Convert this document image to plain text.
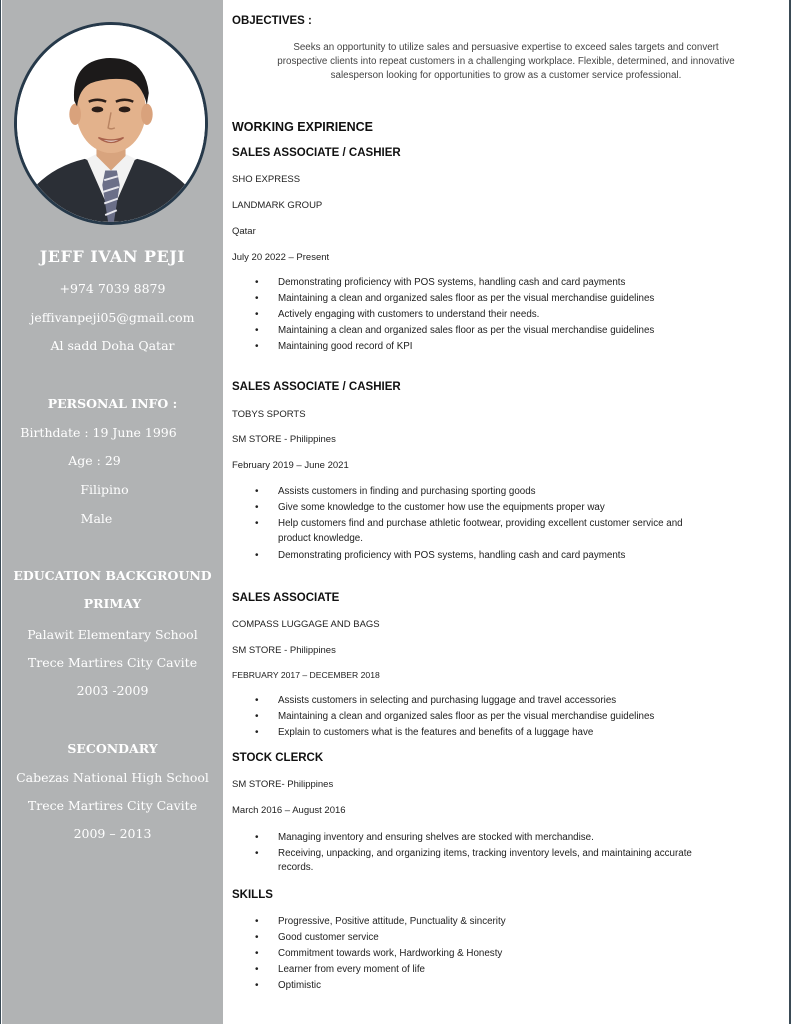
JEFF IVAN PEJI
+974 7039 8879
jeffivanpeji05@gmail.com
Al sadd Doha Qatar
PERSONAL INFO :
Birthdate : 19 June 1996
Age : 29
Filipino
Male
EDUCATION BACKGROUND
PRIMAY
Palawit Elementary School
Trece Martires City Cavite
2003 -2009
SECONDARY
Cabezas National High School
Trece Martires City Cavite
2009 – 2013
OBJECTIVES :
Seeks an opportunity to utilize sales and persuasive expertise to exceed sales targets and convert
prospective clients into repeat customers in a challenging workplace. Flexible, determined, and innovative
salesperson looking for opportunities to grow as a customer service professional.
WORKING EXPIRIENCE
SALES ASSOCIATE / CASHIER
SHO EXPRESS
LANDMARK GROUP
Qatar
July 20 2022 – Present
• Demonstrating proficiency with POS systems, handling cash and card payments
• Maintaining a clean and organized sales floor as per the visual merchandise guidelines
• Actively engaging with customers to understand their needs.
• Maintaining a clean and organized sales floor as per the visual merchandise guidelines
• Maintaining good record of KPI
SALES ASSOCIATE / CASHIER
TOBYS SPORTS
SM STORE - Philippines
February 2019 – June 2021
• Assists customers in finding and purchasing sporting goods
• Give some knowledge to the customer how use the equipments proper way
• Help customers find and purchase athletic footwear, providing excellent customer service and
product knowledge.
• Demonstrating proficiency with POS systems, handling cash and card payments
SALES ASSOCIATE
COMPASS LUGGAGE AND BAGS
SM STORE - Philippines
FEBRUARY 2017 – DECEMBER 2018
• Assists customers in selecting and purchasing luggage and travel accessories
• Maintaining a clean and organized sales floor as per the visual merchandise guidelines
• Explain to customers what is the features and benefits of a luggage have
STOCK CLERCK
SM STORE- Philippines
March 2016 – August 2016
• Managing inventory and ensuring shelves are stocked with merchandise.
• Receiving, unpacking, and organizing items, tracking inventory levels, and maintaining accurate
records.
SKILLS
• Progressive, Positive attitude, Punctuality & sincerity
• Good customer service
• Commitment towards work, Hardworking & Honesty
• Learner from every moment of life
• Optimistic
